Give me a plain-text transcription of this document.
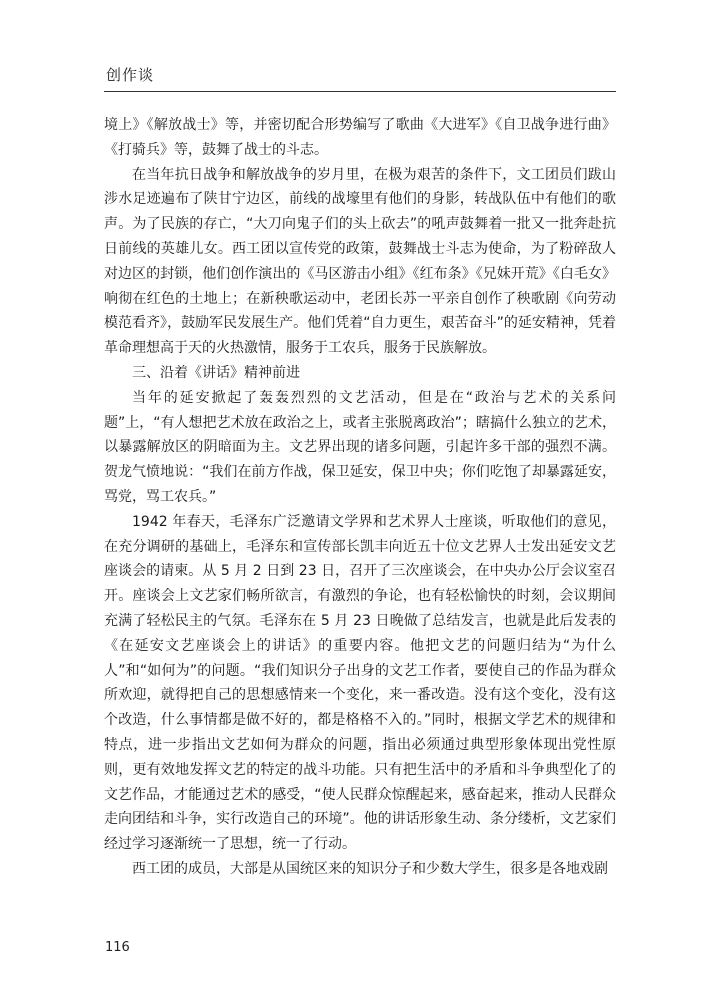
创作谈

境上》《解放战士》等，并密切配合形势编写了歌曲《大进军》《自卫战争进行曲》《打骑兵》等，鼓舞了战士的斗志。

在当年抗日战争和解放战争的岁月里，在极为艰苦的条件下，文工团员们跋山涉水足迹遍布了陕甘宁边区，前线的战壕里有他们的身影，转战队伍中有他们的歌声。为了民族的存亡，“大刀向鬼子们的头上砍去”的吼声鼓舞着一批又一批奔赴抗日前线的英雄儿女。西工团以宣传党的政策，鼓舞战士斗志为使命，为了粉碎敌人对边区的封锁，他们创作演出的《马区游击小组》《红布条》《兄妹开荒》《白毛女》响彻在红色的土地上；在新秧歌运动中，老团长苏一平亲自创作了秧歌剧《向劳动模范看齐》，鼓励军民发展生产。他们凭着“自力更生，艰苦奋斗”的延安精神，凭着革命理想高于天的火热激情，服务于工农兵，服务于民族解放。

三、沿着《讲话》精神前进

当年的延安掀起了轰轰烈烈的文艺活动，但是在“政治与艺术的关系问题”上，“有人想把艺术放在政治之上，或者主张脱离政治”；瞎搞什么独立的艺术，以暴露解放区的阴暗面为主。文艺界出现的诸多问题，引起许多干部的强烈不满。贺龙气愤地说：“我们在前方作战，保卫延安，保卫中央；你们吃饱了却暴露延安，骂党，骂工农兵。”

1942 年春天，毛泽东广泛邀请文学界和艺术界人士座谈，听取他们的意见，在充分调研的基础上，毛泽东和宣传部长凯丰向近五十位文艺界人士发出延安文艺座谈会的请柬。从 5 月 2 日到 23 日，召开了三次座谈会，在中央办公厅会议室召开。座谈会上文艺家们畅所欲言，有激烈的争论，也有轻松愉快的时刻，会议期间充满了轻松民主的气氛。毛泽东在 5 月 23 日晚做了总结发言，也就是此后发表的《在延安文艺座谈会上的讲话》的重要内容。他把文艺的问题归结为“为什么人”和“如何为”的问题。“我们知识分子出身的文艺工作者，要使自己的作品为群众所欢迎，就得把自己的思想感情来一个变化，来一番改造。没有这个变化，没有这个改造，什么事情都是做不好的，都是格格不入的。”同时，根据文学艺术的规律和特点，进一步指出文艺如何为群众的问题，指出必须通过典型形象体现出党性原则，更有效地发挥文艺的特定的战斗功能。只有把生活中的矛盾和斗争典型化了的文艺作品，才能通过艺术的感受，“使人民群众惊醒起来，感奋起来，推动人民群众走向团结和斗争，实行改造自己的环境”。他的讲话形象生动、条分缕析，文艺家们经过学习逐渐统一了思想，统一了行动。

西工团的成员，大部是从国统区来的知识分子和少数大学生，很多是各地戏剧

116
